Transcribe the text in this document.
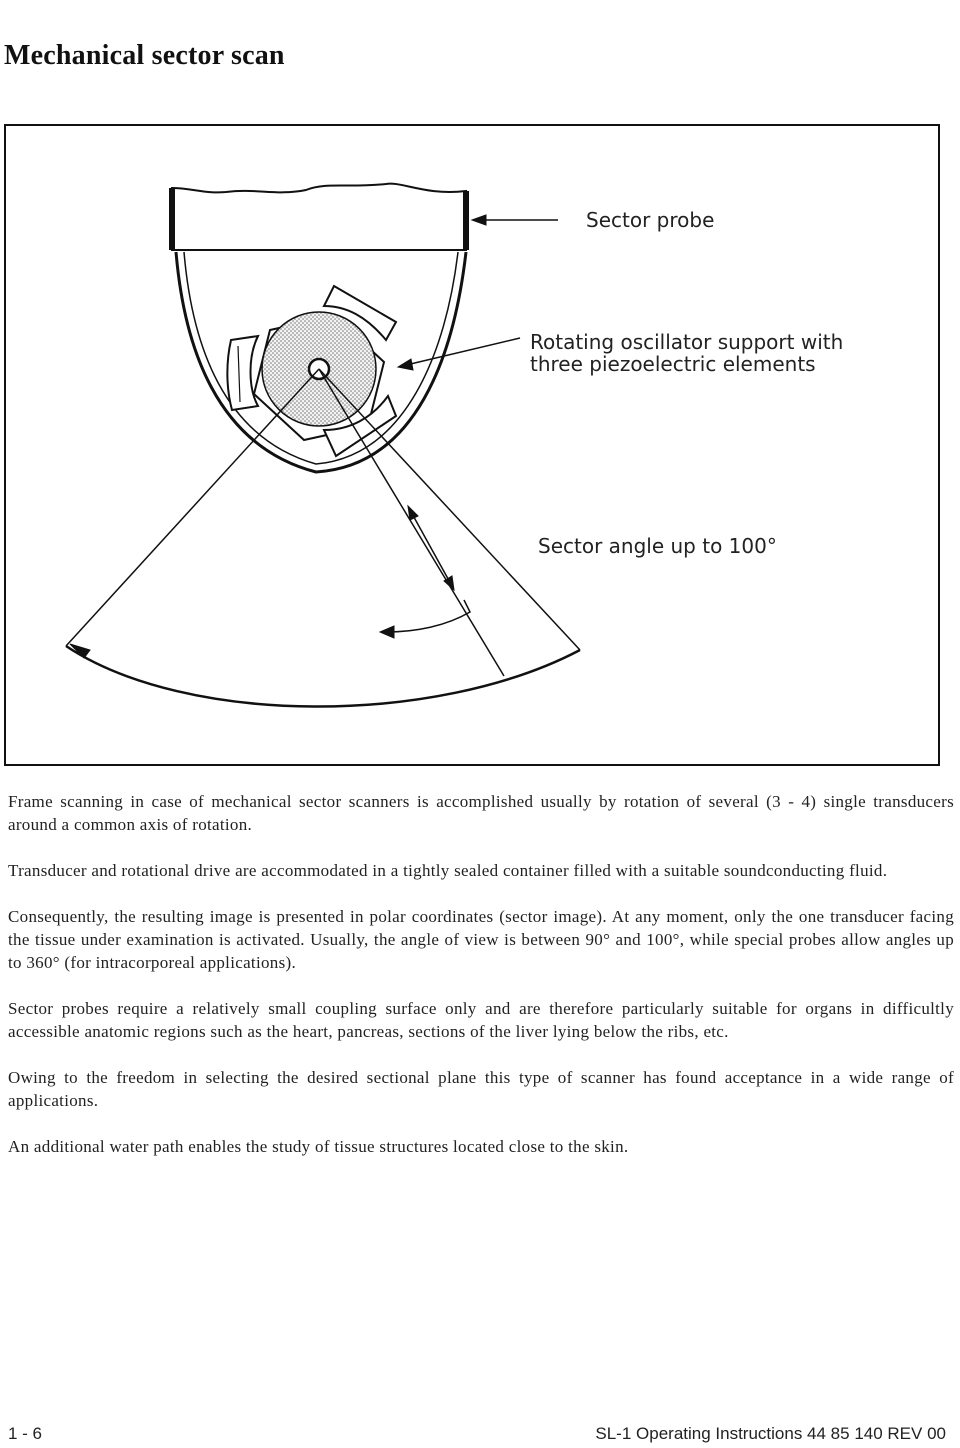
Mechanical sector scan
Sector probe
Rotating oscillator support with
three piezoelectric elements
Sector angle up to 100°

Frame scanning in case of mechanical sector scanners is accomplished usually by rotation of several (3 - 4) single transducers around a common axis of rotation.

Transducer and rotational drive are accommodated in a tightly sealed container filled with a suitable soundconducting fluid.

Consequently, the resulting image is presented in polar coordinates (sector image). At any moment, only the one transducer facing the tissue under examination is activated. Usually, the angle of view is between 90° and 100°, while special probes allow angles up to 360° (for intracorporeal applications).

Sector probes require a relatively small coupling surface only and are therefore particularly suitable for organs in difficultly accessible anatomic regions such as the heart, pancreas, sections of the liver lying below the ribs, etc.

Owing to the freedom in selecting the desired sectional plane this type of scanner has found acceptance in a wide range of applications.

An additional water path enables the study of tissue structures located close to the skin.

1 - 6	SL-1 Operating Instructions 44 85 140 REV 00
